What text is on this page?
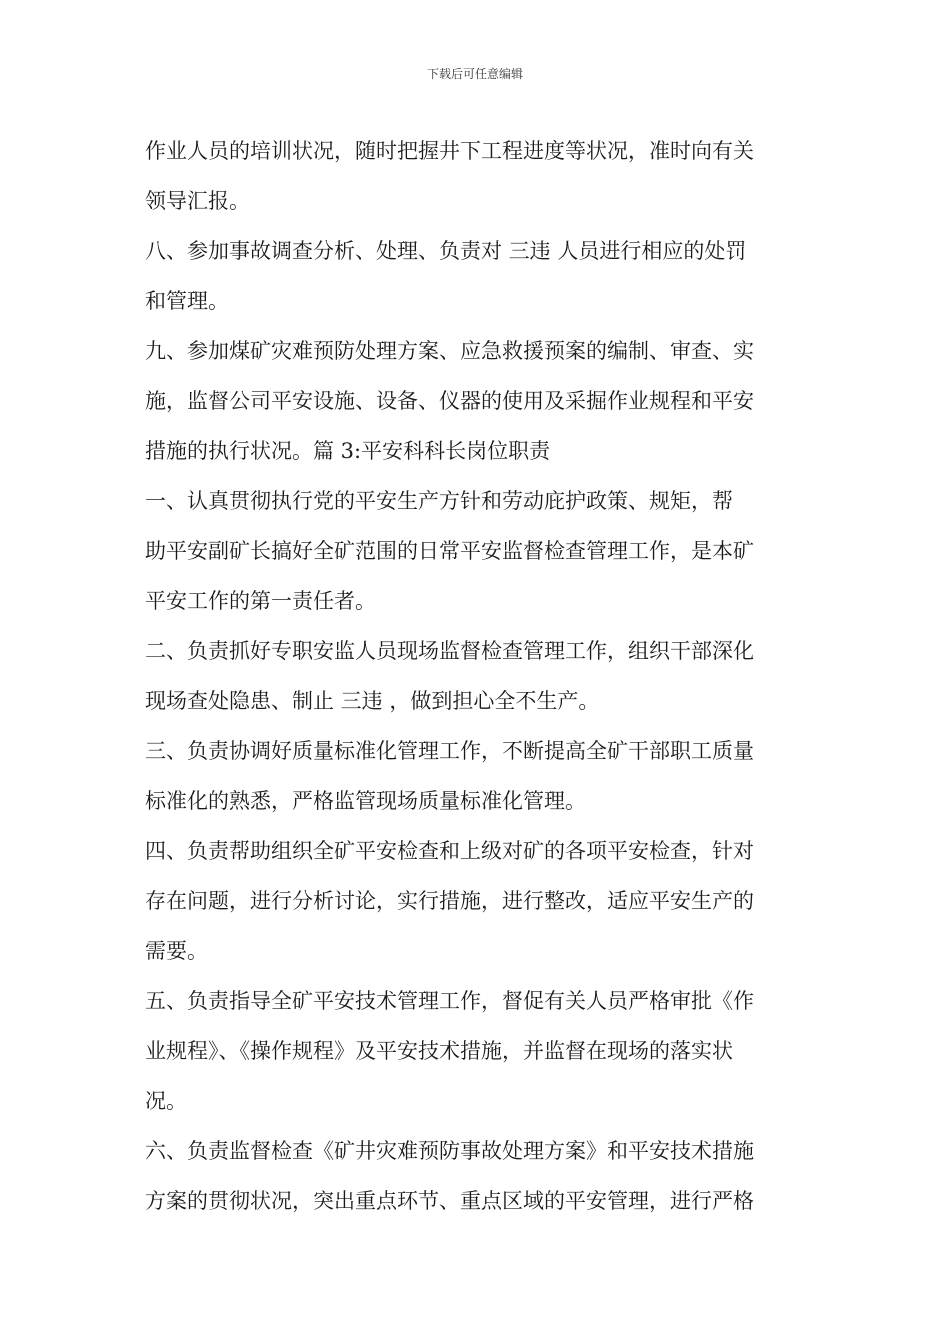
下载后可任意编辑

作业人员的培训状况，随时把握井下工程进度等状况，准时向有关
领导汇报。

八、参加事故调查分析、处理、负责对 三违 人员进行相应的处罚
和管理。

九、参加煤矿灾难预防处理方案、应急救援预案的编制、审查、实
施，监督公司平安设施、设备、仪器的使用及采掘作业规程和平安
措施的执行状况。篇 3:平安科科长岗位职责

一、认真贯彻执行党的平安生产方针和劳动庇护政策、规矩，帮
助平安副矿长搞好全矿范围的日常平安监督检查管理工作，是本矿
平安工作的第一责任者。

二、负责抓好专职安监人员现场监督检查管理工作，组织干部深化
现场查处隐患、制止 三违 ，做到担心全不生产。

三、负责协调好质量标准化管理工作，不断提高全矿干部职工质量
标准化的熟悉，严格监管现场质量标准化管理。

四、负责帮助组织全矿平安检查和上级对矿的各项平安检查，针对
存在问题，进行分析讨论，实行措施，进行整改，适应平安生产的
需要。

五、负责指导全矿平安技术管理工作，督促有关人员严格审批《作
业规程》、《操作规程》及平安技术措施，并监督在现场的落实状
况。

六、负责监督检查《矿井灾难预防事故处理方案》和平安技术措施
方案的贯彻状况，突出重点环节、重点区域的平安管理，进行严格
